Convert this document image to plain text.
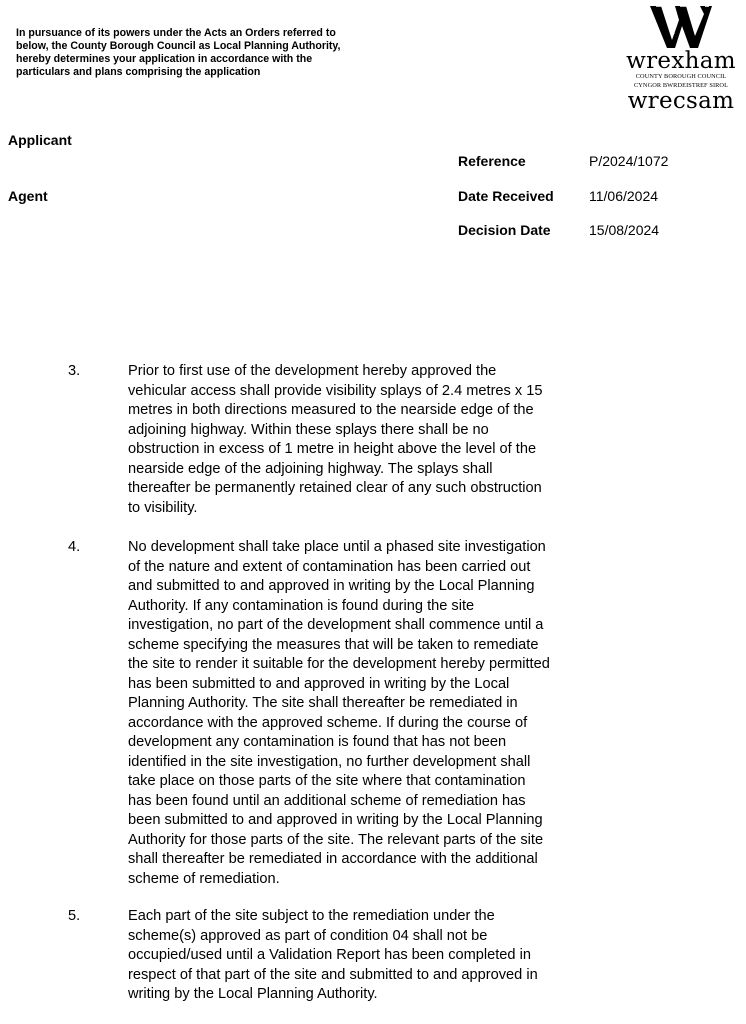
In pursuance of its powers under the Acts an Orders referred to below, the County Borough Council as Local Planning Authority, hereby determines your application in accordance with the particulars and plans comprising the application	wrexham
COUNTY BOROUGH COUNCIL
CYNGOR BWRDEISTREF SIROL
wrecsam
Applicant
Agent
Reference	P/2024/1072
Date Received	11/06/2024
Decision Date	15/08/2024
3.	Prior to first use of the development hereby approved the
vehicular access shall provide visibility splays of 2.4 metres x 15
metres in both directions measured to the nearside edge of the
adjoining highway. Within these splays there shall be no
obstruction in excess of 1 metre in height above the level of the
nearside edge of the adjoining highway. The splays shall
thereafter be permanently retained clear of any such obstruction
to visibility.
4.	No development shall take place until a phased site investigation
of the nature and extent of contamination has been carried out
and submitted to and approved in writing by the Local Planning
Authority. If any contamination is found during the site
investigation, no part of the development shall commence until a
scheme specifying the measures that will be taken to remediate
the site to render it suitable for the development hereby permitted
has been submitted to and approved in writing by the Local
Planning Authority. The site shall thereafter be remediated in
accordance with the approved scheme. If during the course of
development any contamination is found that has not been
identified in the site investigation, no further development shall
take place on those parts of the site where that contamination
has been found until an additional scheme of remediation has
been submitted to and approved in writing by the Local Planning
Authority for those parts of the site. The relevant parts of the site
shall thereafter be remediated in accordance with the additional
scheme of remediation.
5.	Each part of the site subject to the remediation under the
scheme(s) approved as part of condition 04 shall not be
occupied/used until a Validation Report has been completed in
respect of that part of the site and submitted to and approved in
writing by the Local Planning Authority.
